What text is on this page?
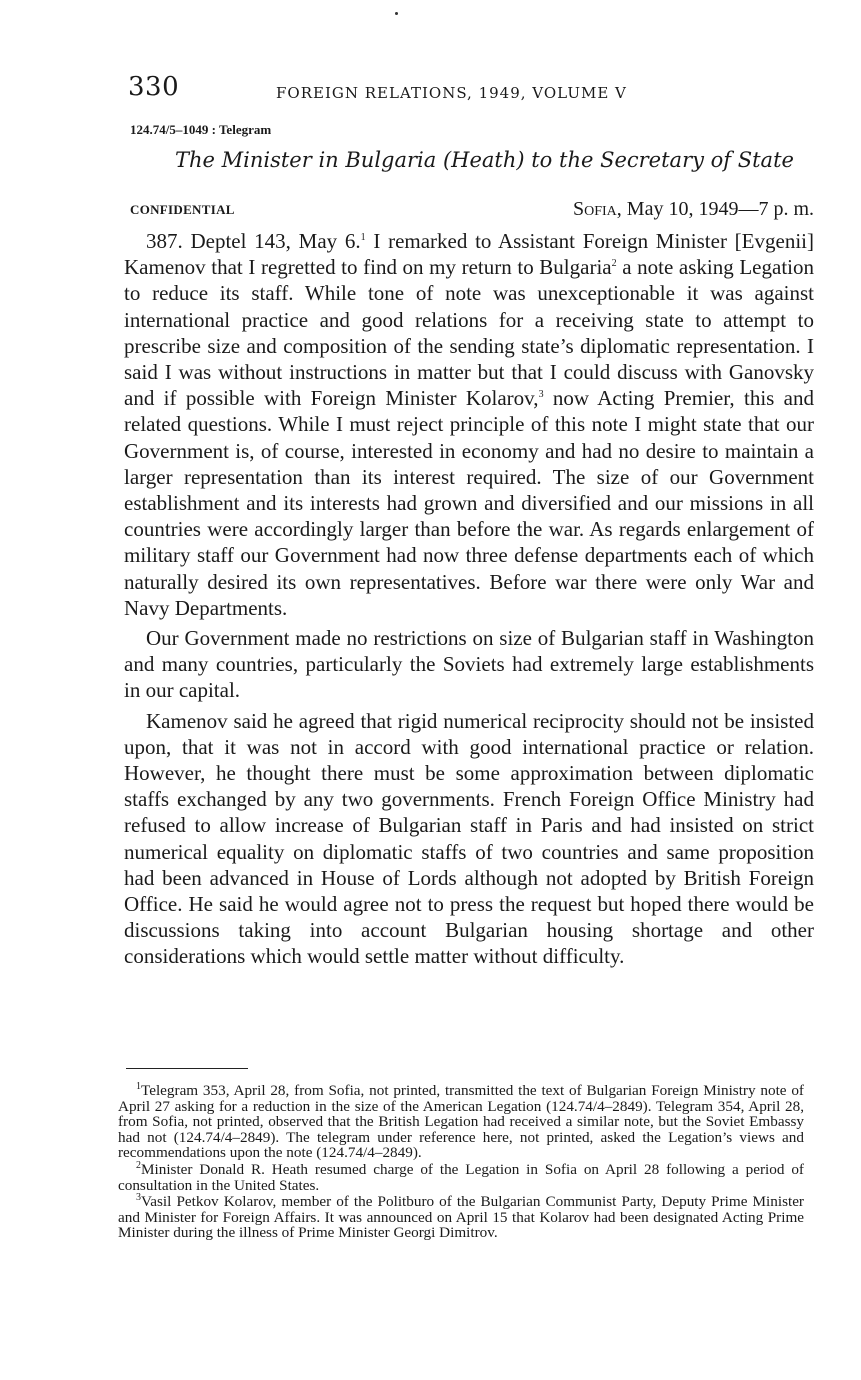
330	FOREIGN RELATIONS, 1949, VOLUME V
124.74/5–1049 : Telegram
The Minister in Bulgaria (Heath) to the Secretary of State
CONFIDENTIAL	Sofia, May 10, 1949—7 p. m.

387. Deptel 143, May 6.$^1$ I remarked to Assistant Foreign Minister [Evgenii] Kamenov that I regretted to find on my return to Bulgaria$^2$ a note asking Legation to reduce its staff. While tone of note was unexceptionable it was against international practice and good relations for a receiving state to attempt to prescribe size and composition of the sending state’s diplomatic representation. I said I was without instructions in matter but that I could discuss with Ganovsky and if possible with Foreign Minister Kolarov,$^3$ now Acting Premier, this and related questions. While I must reject principle of this note I might state that our Government is, of course, interested in economy and had no desire to maintain a larger representation than its interest required. The size of our Government establishment and its interests had grown and diversified and our missions in all countries were accordingly larger than before the war. As regards enlargement of military staff our Government had now three defense departments each of which naturally desired its own representatives. Before war there were only War and Navy Departments.

Our Government made no restrictions on size of Bulgarian staff in Washington and many countries, particularly the Soviets had extremely large establishments in our capital.

Kamenov said he agreed that rigid numerical reciprocity should not be insisted upon, that it was not in accord with good international practice or relation. However, he thought there must be some approximation between diplomatic staffs exchanged by any two governments. French Foreign Office Ministry had refused to allow increase of Bulgarian staff in Paris and had insisted on strict numerical equality on diplomatic staffs of two countries and same proposition had been advanced in House of Lords although not adopted by British Foreign Office. He said he would agree not to press the request but hoped there would be discussions taking into account Bulgarian housing shortage and other considerations which would settle matter without difficulty.

$^1$Telegram 353, April 28, from Sofia, not printed, transmitted the text of Bulgarian Foreign Ministry note of April 27 asking for a reduction in the size of the American Legation (124.74/4–2849). Telegram 354, April 28, from Sofia, not printed, observed that the British Legation had received a similar note, but the Soviet Embassy had not (124.74/4–2849). The telegram under reference here, not printed, asked the Legation’s views and recommendations upon the note (124.74/4–2849).

$^2$Minister Donald R. Heath resumed charge of the Legation in Sofia on April 28 following a period of consultation in the United States.

$^3$Vasil Petkov Kolarov, member of the Politburo of the Bulgarian Communist Party, Deputy Prime Minister and Minister for Foreign Affairs. It was announced on April 15 that Kolarov had been designated Acting Prime Minister during the illness of Prime Minister Georgi Dimitrov.
